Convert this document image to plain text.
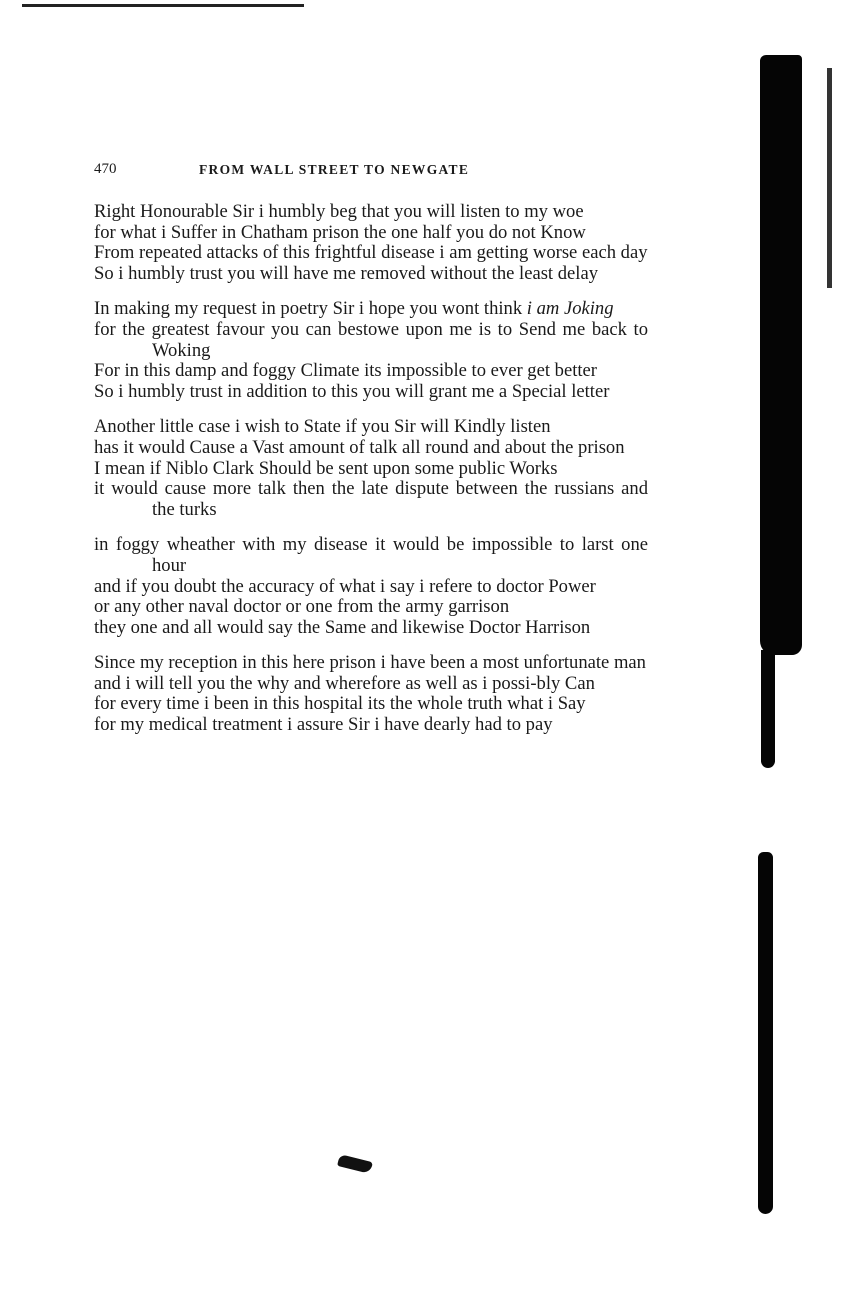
470	FROM WALL STREET TO NEWGATE
Right Honourable Sir i humbly beg that you will listen to my woe
for what i Suffer in Chatham prison the one half you do not Know
From repeated attacks of this frightful disease i am getting worse each day
So i humbly trust you will have me removed without the least delay
In making my request in poetry Sir i hope you wont think i am Joking
for the greatest favour you can bestowe upon me is to Send me back to Woking
For in this damp and foggy Climate its impossible to ever get better
So i humbly trust in addition to this you will grant me a Special letter
Another little case i wish to State if you Sir will Kindly listen
has it would Cause a Vast amount of talk all round and about the prison
I mean if Niblo Clark Should be sent upon some public Works
it would cause more talk then the late dispute between the russians and the turks
in foggy wheather with my disease it would be impossible to larst one hour
and if you doubt the accuracy of what i say i refere to doctor Power
or any other naval doctor or one from the army garrison
they one and all would say the Same and likewise Doctor Harrison
Since my reception in this here prison i have been a most unfortunate man
and i will tell you the why and wherefore as well as i possi-bly Can
for every time i been in this hospital its the whole truth what i Say
for my medical treatment i assure Sir i have dearly had to pay
